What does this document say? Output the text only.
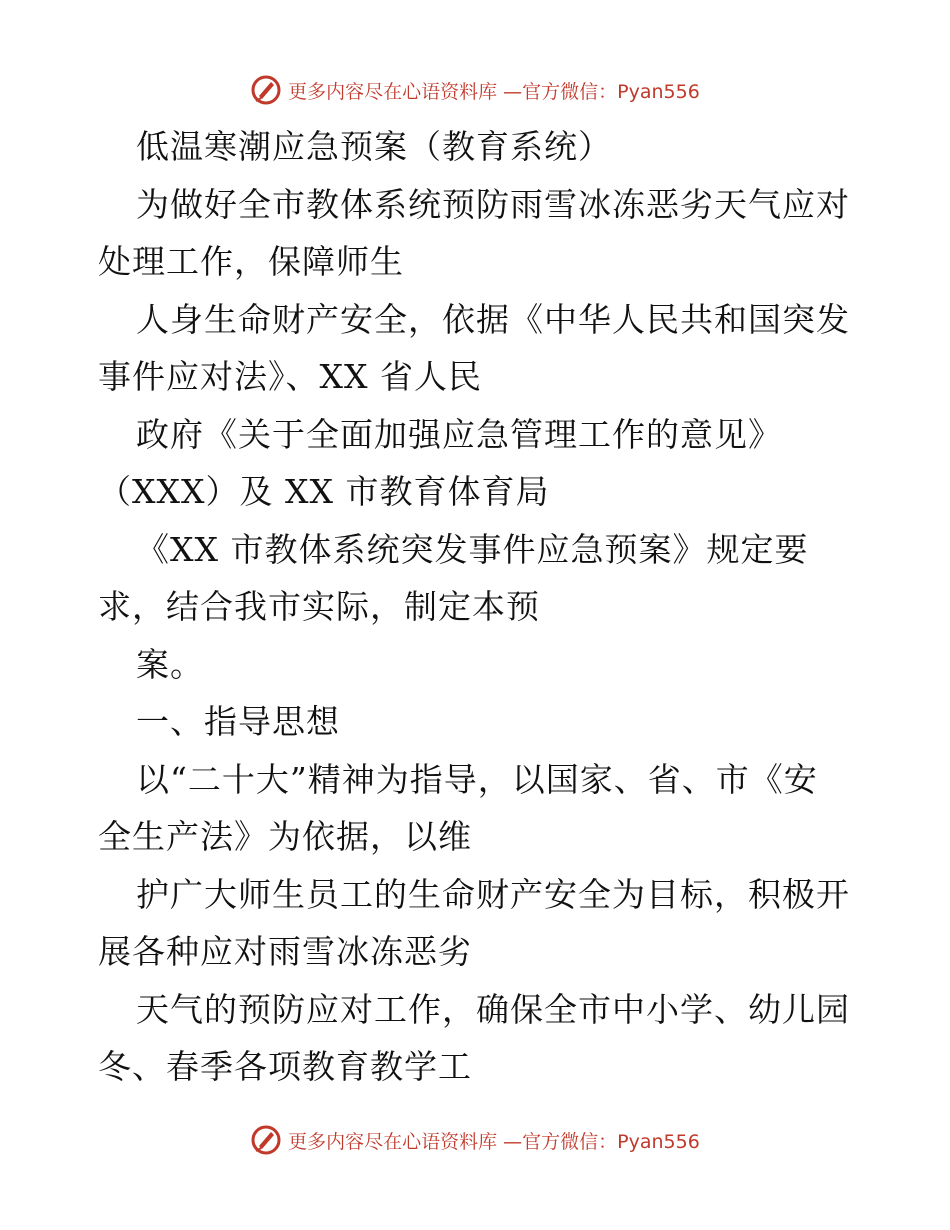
更多内容尽在心语资料库 —官方微信：Pyan556
低温寒潮应急预案（教育系统）
为做好全市教体系统预防雨雪冰冻恶劣天气应对
处理工作，保障师生
人身生命财产安全，依据《中华人民共和国突发
事件应对法》、XX 省人民
政府《关于全面加强应急管理工作的意见》
（XXX）及 XX 市教育体育局
《XX 市教体系统突发事件应急预案》规定要
求，结合我市实际，制定本预
案。
一、指导思想
以“二十大”精神为指导，以国家、省、市《安
全生产法》为依据，以维
护广大师生员工的生命财产安全为目标，积极开
展各种应对雨雪冰冻恶劣
天气的预防应对工作，确保全市中小学、幼儿园
冬、春季各项教育教学工
更多内容尽在心语资料库 —官方微信：Pyan556
